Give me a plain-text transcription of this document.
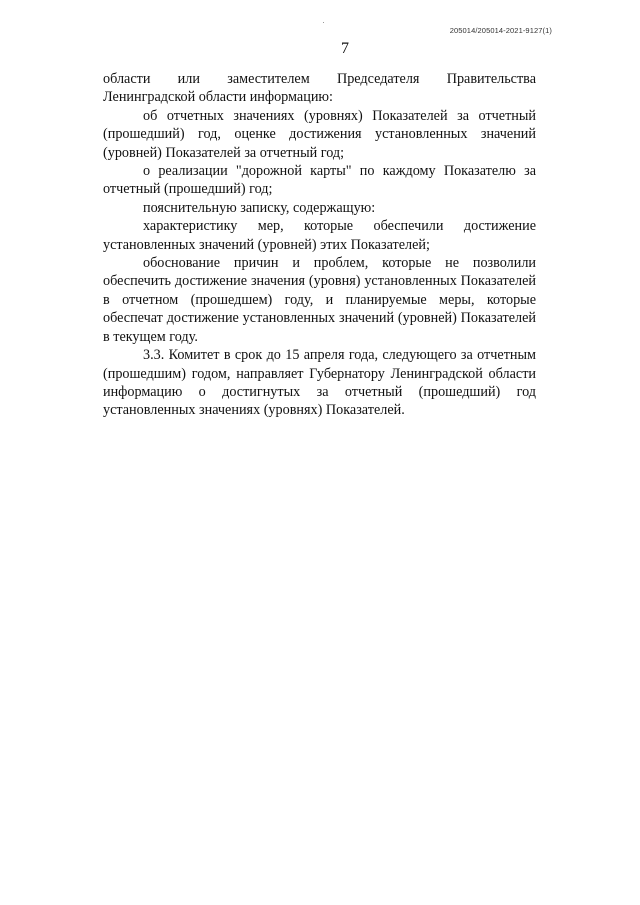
205014/205014-2021-9127(1)
7

области или заместителем Председателя Правительства Ленинградской области информацию:

об отчетных значениях (уровнях) Показателей за отчетный (прошедший) год, оценке достижения установленных значений (уровней) Показателей за отчетный год;

о реализации "дорожной карты" по каждому Показателю за отчетный (прошедший) год;

пояснительную записку, содержащую:

характеристику мер, которые обеспечили достижение установленных значений (уровней) этих Показателей;

обоснование причин и проблем, которые не позволили обеспечить достижение значения (уровня) установленных Показателей в отчетном (прошедшем) году, и планируемые меры, которые обеспечат достижение установленных значений (уровней) Показателей в текущем году.

3.3. Комитет в срок до 15 апреля года, следующего за отчетным (прошедшим) годом, направляет Губернатору Ленинградской области информацию о достигнутых за отчетный (прошедший) год установленных значениях (уровнях) Показателей.
